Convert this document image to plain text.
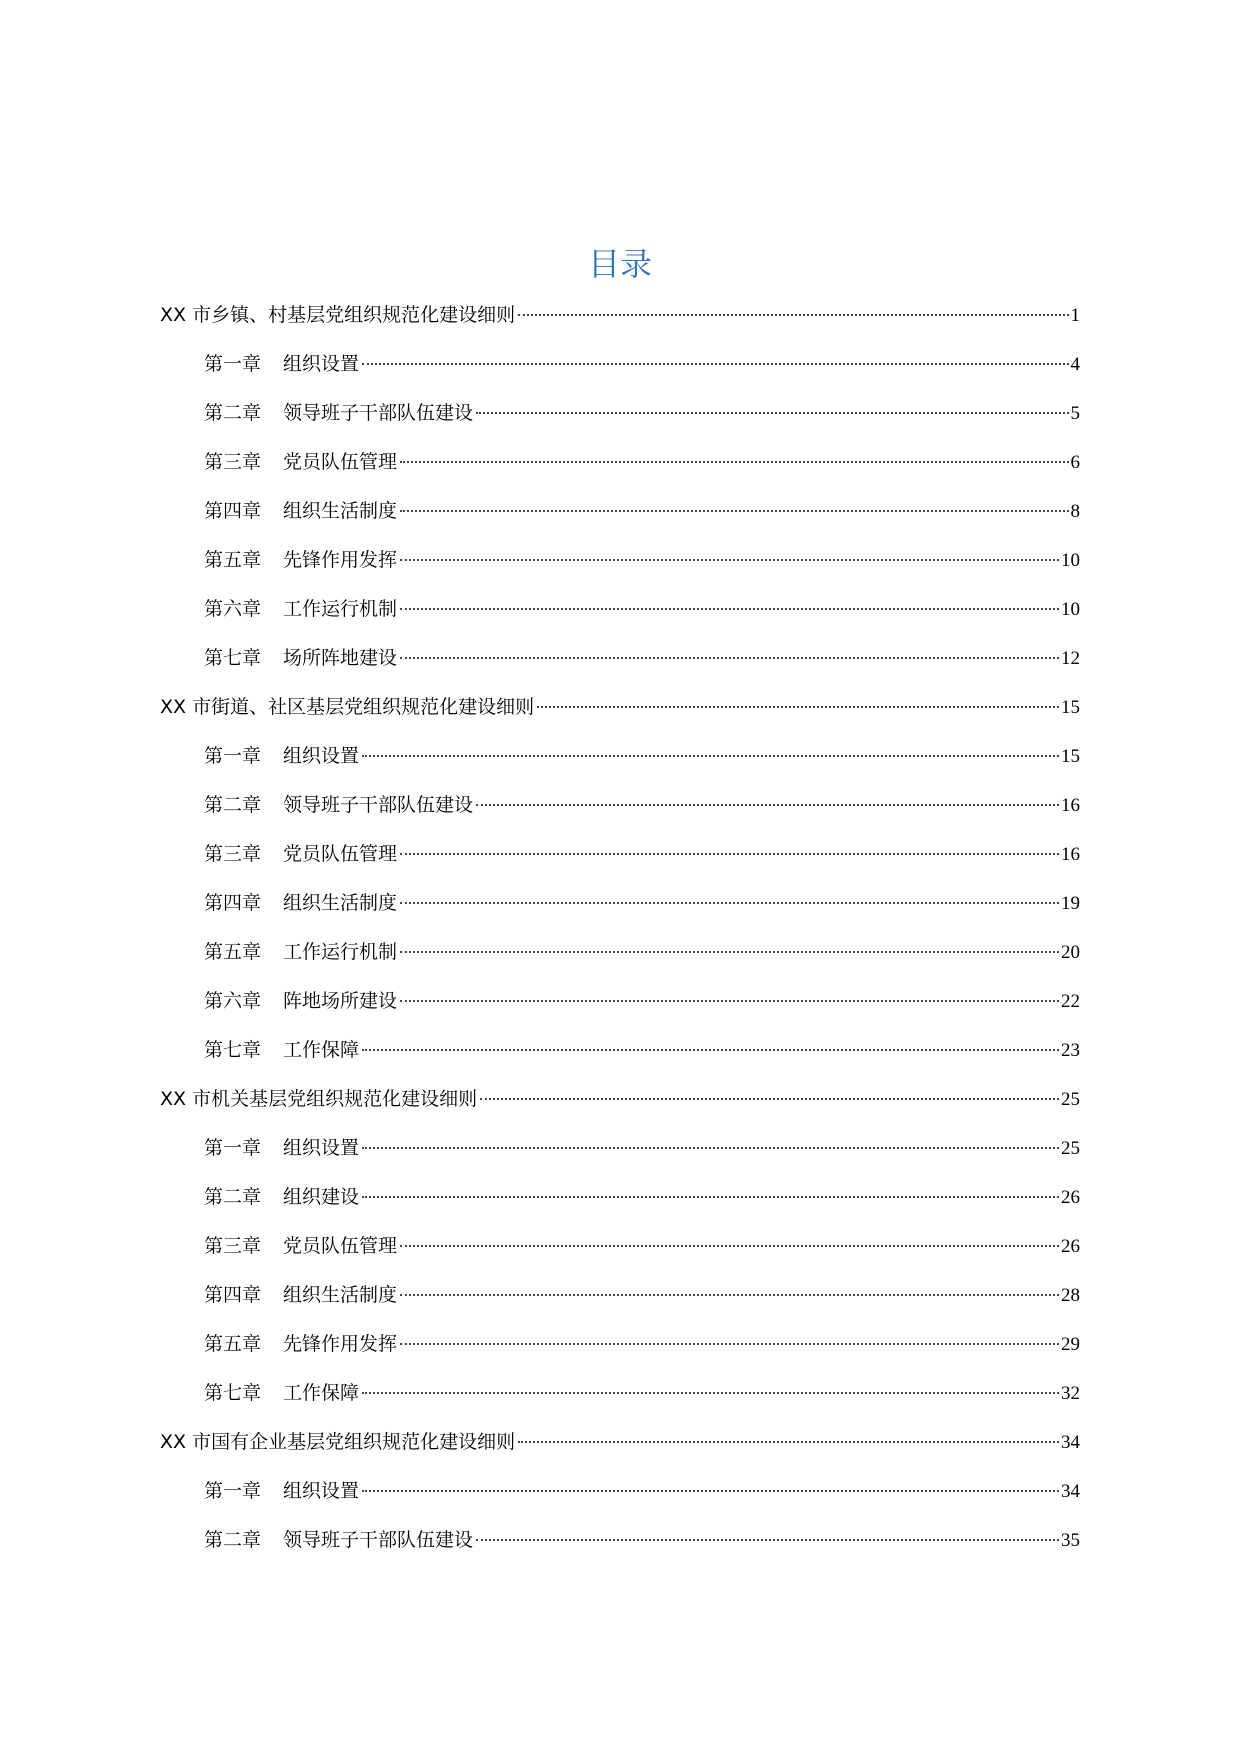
目录
XX 市乡镇、村基层党组织规范化建设细则	1
第一章 组织设置	4
第二章 领导班子干部队伍建设	5
第三章 党员队伍管理	6
第四章 组织生活制度	8
第五章 先锋作用发挥	10
第六章 工作运行机制	10
第七章 场所阵地建设	12
XX 市街道、社区基层党组织规范化建设细则	15
第一章 组织设置	15
第二章 领导班子干部队伍建设	16
第三章 党员队伍管理	16
第四章 组织生活制度	19
第五章 工作运行机制	20
第六章 阵地场所建设	22
第七章 工作保障	23
XX 市机关基层党组织规范化建设细则	25
第一章 组织设置	25
第二章 组织建设	26
第三章 党员队伍管理	26
第四章 组织生活制度	28
第五章 先锋作用发挥	29
第七章 工作保障	32
XX 市国有企业基层党组织规范化建设细则	34
第一章 组织设置	34
第二章 领导班子干部队伍建设	35
